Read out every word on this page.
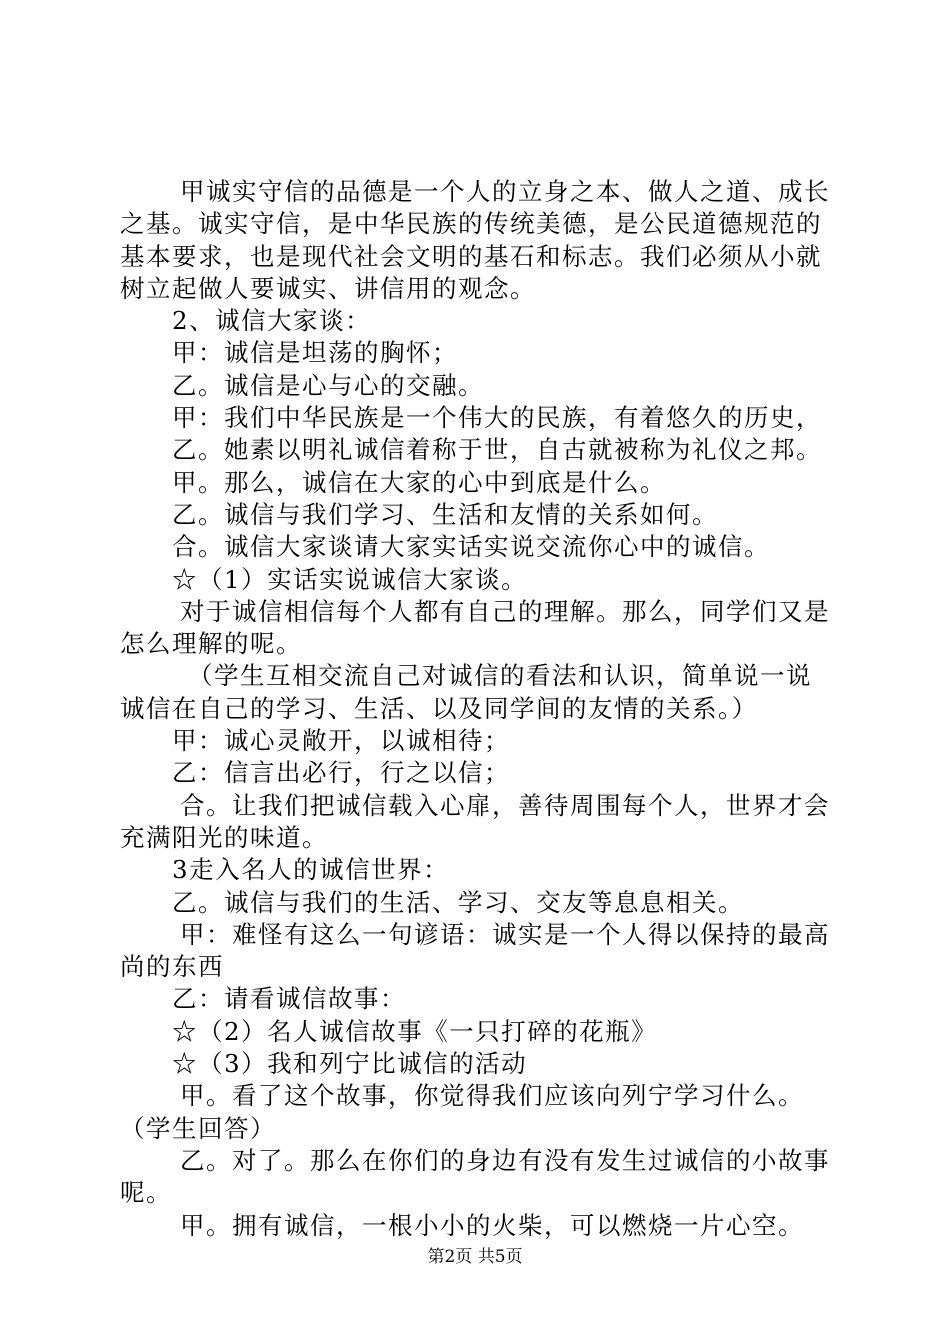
甲诚实守信的品德是一个人的立身之本、做人之道、成长之基。诚实守信，是中华民族的传统美德，是公民道德规范的基本要求，也是现代社会文明的基石和标志。我们必须从小就树立起做人要诚实、讲信用的观念。

2、诚信大家谈：

甲：诚信是坦荡的胸怀；

乙。诚信是心与心的交融。

甲：我们中华民族是一个伟大的民族，有着悠久的历史，

乙。她素以明礼诚信着称于世，自古就被称为礼仪之邦。

甲。那么，诚信在大家的心中到底是什么。

乙。诚信与我们学习、生活和友情的关系如何。

合。诚信大家谈请大家实话实说交流你心中的诚信。

☆（1）实话实说诚信大家谈。

对于诚信相信每个人都有自己的理解。那么，同学们又是怎么理解的呢。

（学生互相交流自己对诚信的看法和认识，简单说一说诚信在自己的学习、生活、以及同学间的友情的关系。）

甲：诚心灵敞开，以诚相待；

乙：信言出必行，行之以信；

合。让我们把诚信载入心扉，善待周围每个人，世界才会充满阳光的味道。

3走入名人的诚信世界：

乙。诚信与我们的生活、学习、交友等息息相关。

甲：难怪有这么一句谚语：诚实是一个人得以保持的最高尚的东西

乙：请看诚信故事：

☆（2）名人诚信故事《一只打碎的花瓶》

☆（3）我和列宁比诚信的活动

甲。看了这个故事，你觉得我们应该向列宁学习什么。

（学生回答）

乙。对了。那么在你们的身边有没有发生过诚信的小故事呢。

甲。拥有诚信，一根小小的火柴，可以燃烧一片心空。

第2页 共5页
